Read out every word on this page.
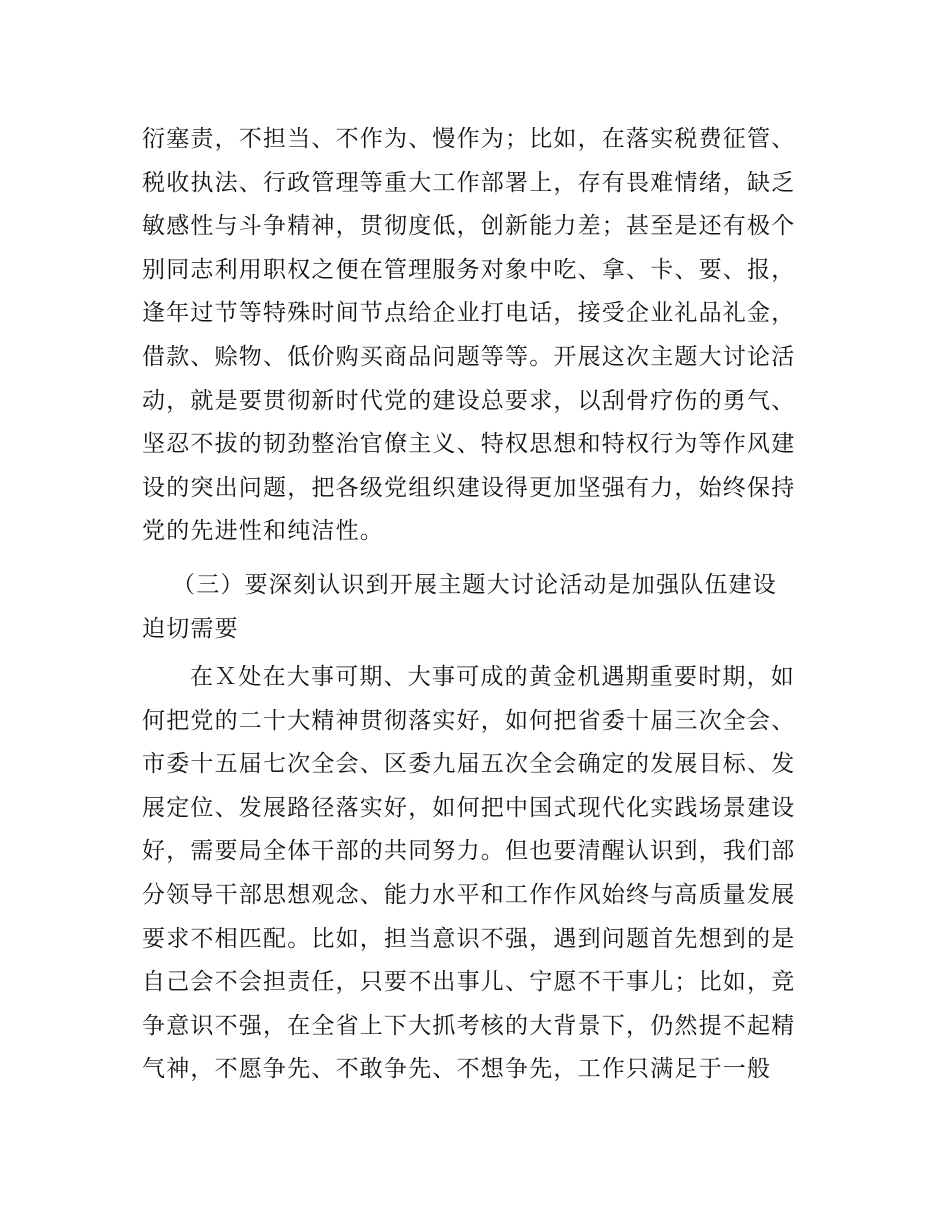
衍塞责，不担当、不作为、慢作为；比如，在落实税费征管、
税收执法、行政管理等重大工作部署上，存有畏难情绪，缺乏
敏感性与斗争精神，贯彻度低，创新能力差；甚至是还有极个
别同志利用职权之便在管理服务对象中吃、拿、卡、要、报，
逢年过节等特殊时间节点给企业打电话，接受企业礼品礼金，
借款、赊物、低价购买商品问题等等。开展这次主题大讨论活
动，就是要贯彻新时代党的建设总要求，以刮骨疗伤的勇气、
坚忍不拔的韧劲整治官僚主义、特权思想和特权行为等作风建
设的突出问题，把各级党组织建设得更加坚强有力，始终保持
党的先进性和纯洁性。
（三）要深刻认识到开展主题大讨论活动是加强队伍建设
迫切需要
在Ｘ处在大事可期、大事可成的黄金机遇期重要时期，如
何把党的二十大精神贯彻落实好，如何把省委十届三次全会、
市委十五届七次全会、区委九届五次全会确定的发展目标、发
展定位、发展路径落实好，如何把中国式现代化实践场景建设
好，需要局全体干部的共同努力。但也要清醒认识到，我们部
分领导干部思想观念、能力水平和工作作风始终与高质量发展
要求不相匹配。比如，担当意识不强，遇到问题首先想到的是
自己会不会担责任，只要不出事儿、宁愿不干事儿；比如，竞
争意识不强，在全省上下大抓考核的大背景下，仍然提不起精
气神，不愿争先、不敢争先、不想争先，工作只满足于一般
